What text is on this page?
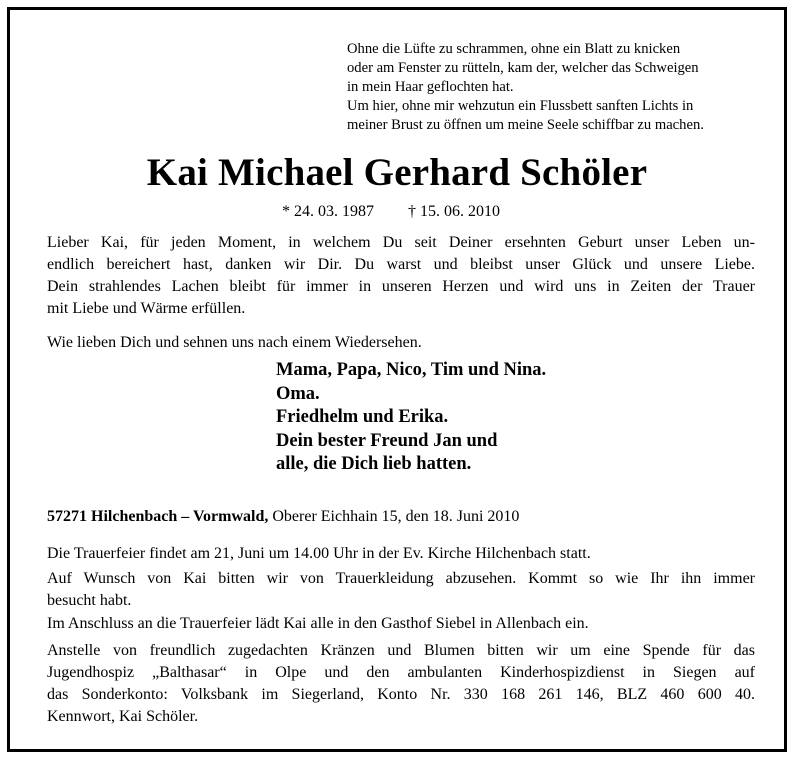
Ohne die Lüfte zu schrammen, ohne ein Blatt zu knicken
oder am Fenster zu rütteln, kam der, welcher das Schweigen
in mein Haar geflochten hat.
Um hier, ohne mir wehzutun ein Flussbett sanften Lichts in
meiner Brust zu öffnen um meine Seele schiffbar zu machen.
Kai Michael Gerhard Schöler
* 24. 03. 1987 † 15. 06. 2010
Lieber Kai, für jeden Moment, in welchem Du seit Deiner ersehnten Geburt unser Leben un-
endlich bereichert hast, danken wir Dir. Du warst und bleibst unser Glück und unsere Liebe.
Dein strahlendes Lachen bleibt für immer in unseren Herzen und wird uns in Zeiten der Trauer
mit Liebe und Wärme erfüllen.
Wie lieben Dich und sehnen uns nach einem Wiedersehen.
Mama, Papa, Nico, Tim und Nina.
Oma.
Friedhelm und Erika.
Dein bester Freund Jan und
alle, die Dich lieb hatten.
57271 Hilchenbach – Vormwald, Oberer Eichhain 15, den 18. Juni 2010
Die Trauerfeier findet am 21, Juni um 14.00 Uhr in der Ev. Kirche Hilchenbach statt.
Auf Wunsch von Kai bitten wir von Trauerkleidung abzusehen. Kommt so wie Ihr ihn immer
besucht habt.
Im Anschluss an die Trauerfeier lädt Kai alle in den Gasthof Siebel in Allenbach ein.
Anstelle von freundlich zugedachten Kränzen und Blumen bitten wir um eine Spende für das
Jugendhospiz „Balthasar“ in Olpe und den ambulanten Kinderhospizdienst in Siegen auf
das Sonderkonto: Volksbank im Siegerland, Konto Nr. 330 168 261 146, BLZ 460 600 40.
Kennwort, Kai Schöler.
